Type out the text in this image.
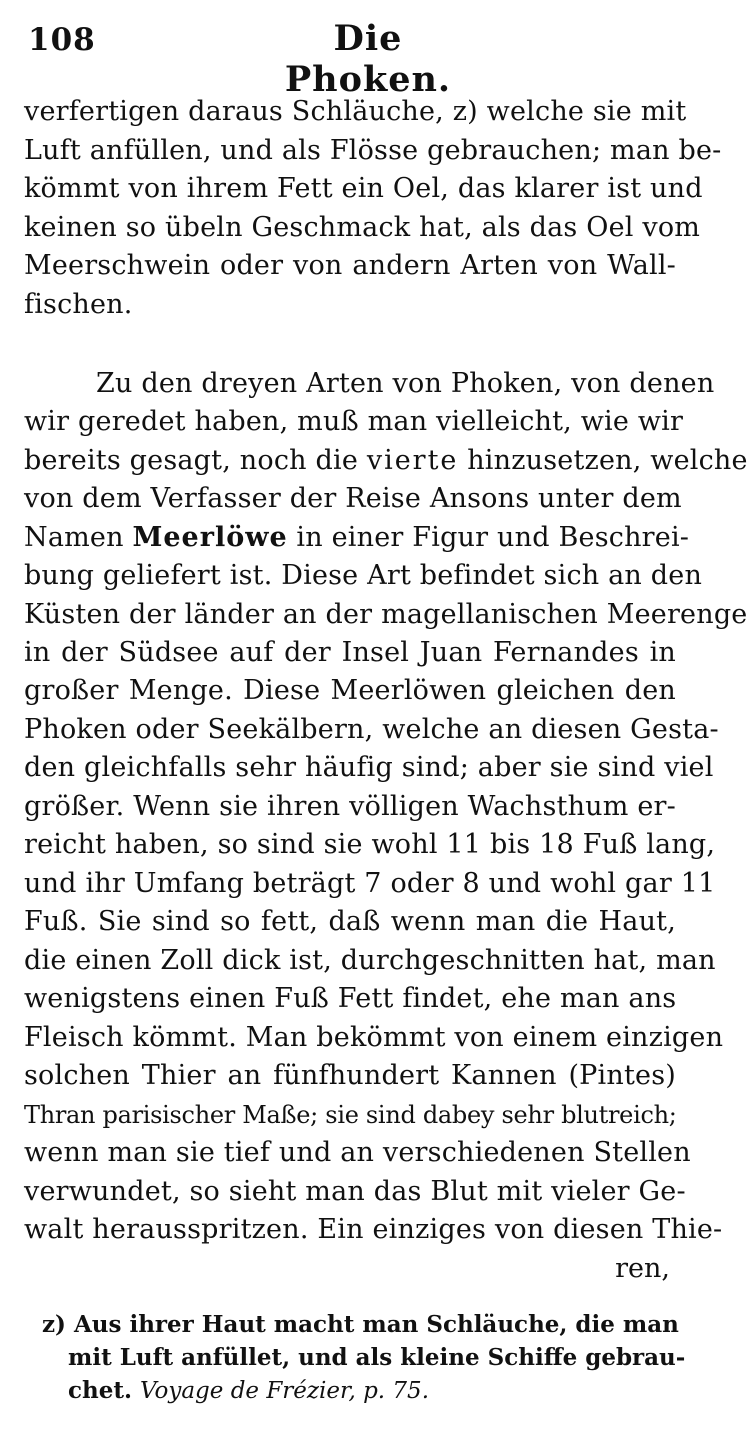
108	Die Phoken.
verfertigen daraus Schläuche, z) welche sie mit
Luft anfüllen, und als Flösse gebrauchen; man be-
kömmt von ihrem Fett ein Oel, das klarer ist und
keinen so übeln Geschmack hat, als das Oel vom
Meerschwein oder von andern Arten von Wall-
fischen.
Zu den dreyen Arten von Phoken, von denen
wir geredet haben, muß man vielleicht, wie wir
bereits gesagt, noch die vierte hinzusetzen, welche
von dem Verfasser der Reise Ansons unter dem
Namen Meerlöwe in einer Figur und Beschrei-
bung geliefert ist. Diese Art befindet sich an den
Küsten der länder an der magellanischen Meerenge
in der Südsee auf der Insel Juan Fernandes in
großer Menge. Diese Meerlöwen gleichen den
Phoken oder Seekälbern, welche an diesen Gesta-
den gleichfalls sehr häufig sind; aber sie sind viel
größer. Wenn sie ihren völligen Wachsthum er-
reicht haben, so sind sie wohl 11 bis 18 Fuß lang,
und ihr Umfang beträgt 7 oder 8 und wohl gar 11
Fuß. Sie sind so fett, daß wenn man die Haut,
die einen Zoll dick ist, durchgeschnitten hat, man
wenigstens einen Fuß Fett findet, ehe man ans
Fleisch kömmt. Man bekömmt von einem einzigen
solchen Thier an fünfhundert Kannen (Pintes)
Thran parisischer Maße; sie sind dabey sehr blutreich;
wenn man sie tief und an verschiedenen Stellen
verwundet, so sieht man das Blut mit vieler Ge-
walt herausspritzen. Ein einziges von diesen Thie-
ren,
z) Aus ihrer Haut macht man Schläuche, die man
mit Luft anfüllet, und als kleine Schiffe gebrau-
chet. Voyage de Frézier, p. 75.
